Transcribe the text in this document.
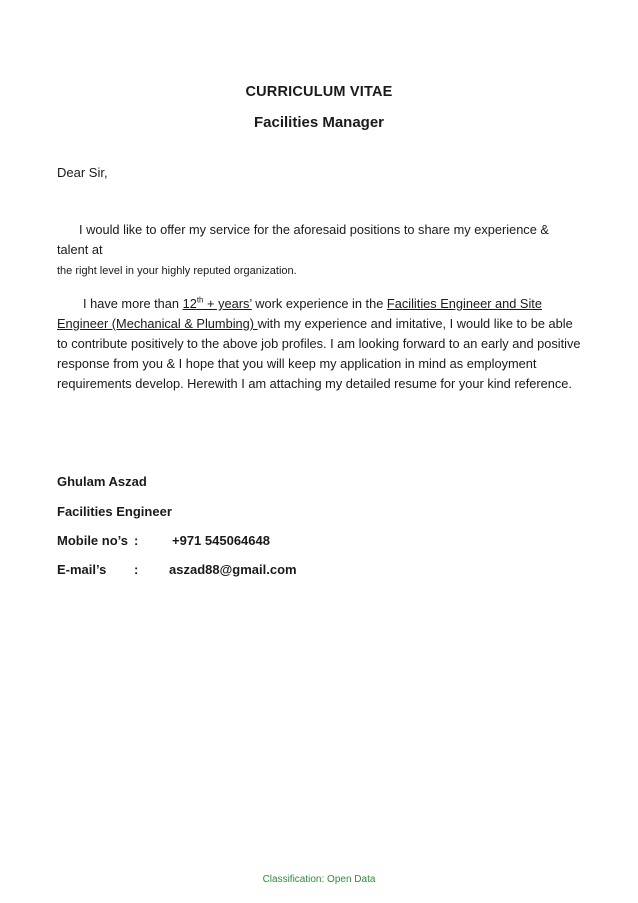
CURRICULUM VITAE
Facilities Manager
Dear Sir,
I would like to offer my service for the aforesaid positions to share my experience & talent at
the right level in your highly reputed organization.
I have more than 12th + years’ work experience in the Facilities Engineer and Site Engineer (Mechanical & Plumbing) with my experience and imitative, I would like to be able to contribute positively to the above job profiles. I am looking forward to an early and positive response from you & I hope that you will keep my application in mind as employment requirements develop. Herewith I am attaching my detailed resume for your kind reference.
Ghulam Aszad
Facilities Engineer
Mobile no’s :	+971 545064648
E-mail’s : aszad88@gmail.com
Classification: Open Data
